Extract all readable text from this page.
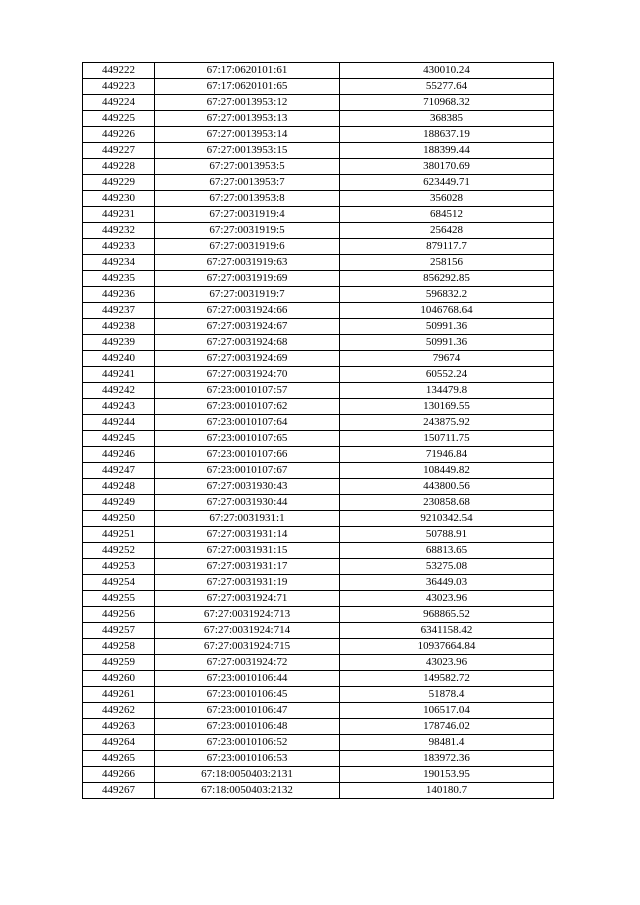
449222	67:17:0620101:61	430010.24
449223	67:17:0620101:65	55277.64
449224	67:27:0013953:12	710968.32
449225	67:27:0013953:13	368385
449226	67:27:0013953:14	188637.19
449227	67:27:0013953:15	188399.44
449228	67:27:0013953:5	380170.69
449229	67:27:0013953:7	623449.71
449230	67:27:0013953:8	356028
449231	67:27:0031919:4	684512
449232	67:27:0031919:5	256428
449233	67:27:0031919:6	879117.7
449234	67:27:0031919:63	258156
449235	67:27:0031919:69	856292.85
449236	67:27:0031919:7	596832.2
449237	67:27:0031924:66	1046768.64
449238	67:27:0031924:67	50991.36
449239	67:27:0031924:68	50991.36
449240	67:27:0031924:69	79674
449241	67:27:0031924:70	60552.24
449242	67:23:0010107:57	134479.8
449243	67:23:0010107:62	130169.55
449244	67:23:0010107:64	243875.92
449245	67:23:0010107:65	150711.75
449246	67:23:0010107:66	71946.84
449247	67:23:0010107:67	108449.82
449248	67:27:0031930:43	443800.56
449249	67:27:0031930:44	230858.68
449250	67:27:0031931:1	9210342.54
449251	67:27:0031931:14	50788.91
449252	67:27:0031931:15	68813.65
449253	67:27:0031931:17	53275.08
449254	67:27:0031931:19	36449.03
449255	67:27:0031924:71	43023.96
449256	67:27:0031924:713	968865.52
449257	67:27:0031924:714	6341158.42
449258	67:27:0031924:715	10937664.84
449259	67:27:0031924:72	43023.96
449260	67:23:0010106:44	149582.72
449261	67:23:0010106:45	51878.4
449262	67:23:0010106:47	106517.04
449263	67:23:0010106:48	178746.02
449264	67:23:0010106:52	98481.4
449265	67:23:0010106:53	183972.36
449266	67:18:0050403:2131	190153.95
449267	67:18:0050403:2132	140180.7
